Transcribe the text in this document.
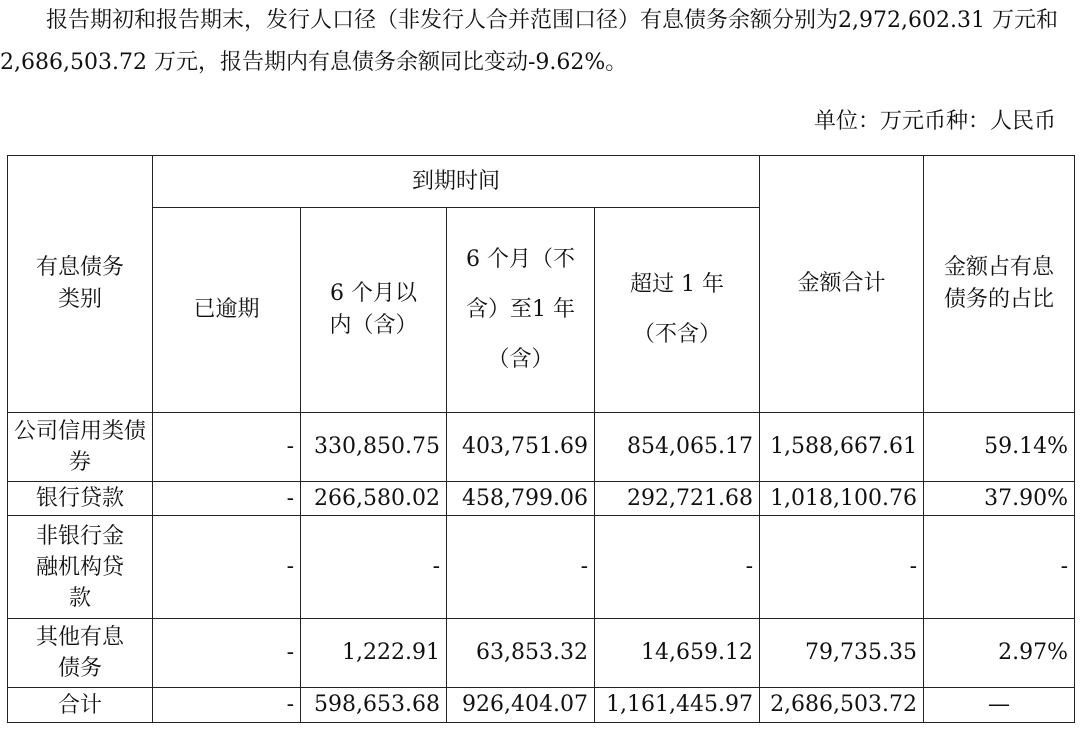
报告期初和报告期末，发行人口径（非发行人合并范围口径）有息债务余额分别为2,972,602.31 万元和 2,686,503.72 万元，报告期内有息债务余额同比变动-9.62%。

单位：万元币种：人民币
有息债务类别	到期时间				金额合计	金额占有息债务的占比
	已逾期	6 个月以内（含）	6 个月（不含）至1 年（含）	超过 1 年（不含）		
公司信用类债券	-	330,850.75	403,751.69	854,065.17	1,588,667.61	59.14%
银行贷款	-	266,580.02	458,799.06	292,721.68	1,018,100.76	37.90%
非银行金融机构贷款	-	-	-	-	-	-
其他有息债务	-	1,222.91	63,853.32	14,659.12	79,735.35	2.97%
合计	-	598,653.68	926,404.07	1,161,445.97	2,686,503.72	—
